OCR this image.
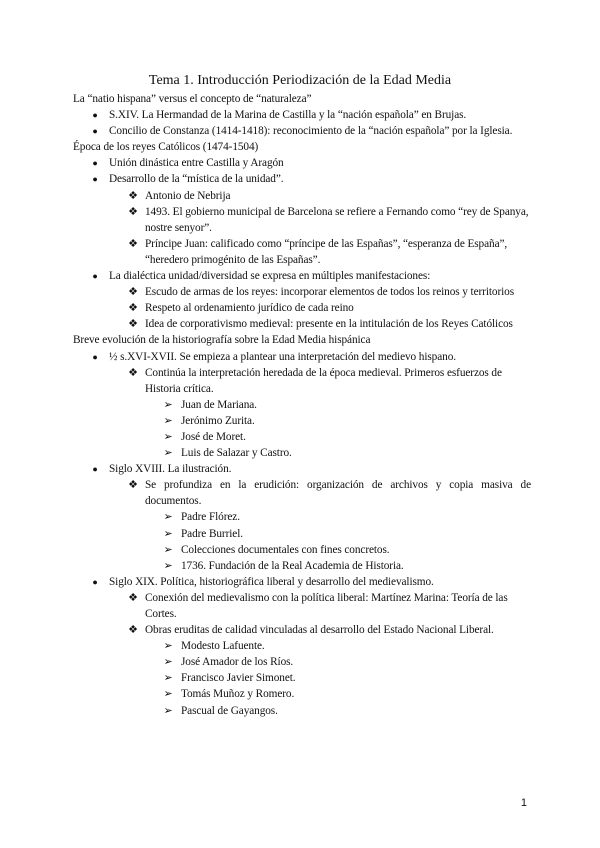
Tema 1. Introducción Periodización de la Edad Media

La “natio hispana” versus el concepto de “naturaleza”

●	S.XIV. La Hermandad de la Marina de Castilla y la “nación española” en Brujas.
●	Concilio de Constanza (1414-1418): reconocimiento de la “nación española” por la Iglesia.

Época de los reyes Católicos (1474-1504)

●	Unión dinástica entre Castilla y Aragón
●	Desarrollo de la “mística de la unidad”.
❖ Antonio de Nebrija
❖ 1493. El gobierno municipal de Barcelona se refiere a Fernando como “rey de Spanya, nostre senyor”.
❖ Príncipe Juan: calificado como “príncipe de las Españas”, “esperanza de España”, “heredero primogénito de las Españas”.
●	La dialéctica unidad/diversidad se expresa en múltiples manifestaciones:
❖ Escudo de armas de los reyes: incorporar elementos de todos los reinos y territorios
❖ Respeto al ordenamiento jurídico de cada reino
❖ Idea de corporativismo medieval: presente en la intitulación de los Reyes Católicos

Breve evolución de la historiografía sobre la Edad Media hispánica

●	½ s.XVI-XVII. Se empieza a plantear una interpretación del medievo hispano.
❖ Continúa la interpretación heredada de la época medieval. Primeros esfuerzos de Historia crítica.
➢ Juan de Mariana.
➢ Jerónimo Zurita.
➢ José de Moret.
➢ Luis de Salazar y Castro.
●	Siglo XVIII. La ilustración.
❖ Se profundiza en la erudición: organización de archivos y copia masiva de documentos.
➢ Padre Flórez.
➢ Padre Burriel.
➢ Colecciones documentales con fines concretos.
➢ 1736. Fundación de la Real Academia de Historia.
●	Siglo XIX. Política, historiográfica liberal y desarrollo del medievalismo.
❖ Conexión del medievalismo con la política liberal: Martínez Marina: Teoría de las Cortes.
❖ Obras eruditas de calidad vinculadas al desarrollo del Estado Nacional Liberal.
➢ Modesto Lafuente.
➢ José Amador de los Ríos.
➢ Francisco Javier Simonet.
➢ Tomás Muñoz y Romero.
➢ Pascual de Gayangos.
1
